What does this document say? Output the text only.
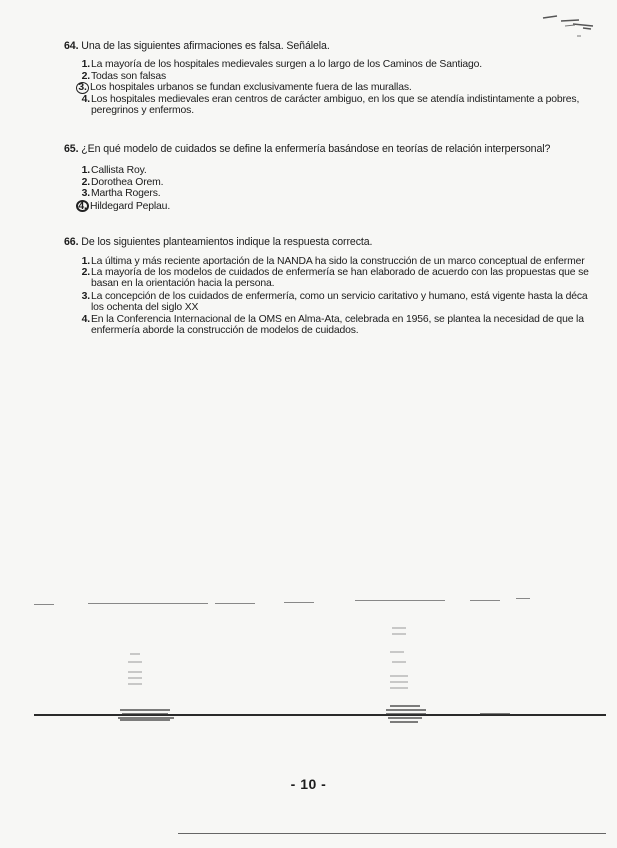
64. Una de las siguientes afirmaciones es falsa. Señálela.
1.La mayoría de los hospitales medievales surgen a lo largo de los Caminos de Santiago.
2.Todas son falsas
3. Los hospitales urbanos se fundan exclusivamente fuera de las murallas.
4.Los hospitales medievales eran centros de carácter ambiguo, en los que se atendía indistintamente a pobres,
peregrinos y enfermos.
65. ¿En qué modelo de cuidados se define la enfermería basándose en teorías de relación interpersonal?
1.Callista Roy.
2.Dorothea Orem.
3.Martha Rogers.
4. Hildegard Peplau.
66. De los siguientes planteamientos indique la respuesta correcta.
1.La última y más reciente aportación de la NANDA ha sido la construcción de un marco conceptual de enfermer
2.La mayoría de los modelos de cuidados de enfermería se han elaborado de acuerdo con las propuestas que se
basan en la orientación hacia la persona.
3.La concepción de los cuidados de enfermería, como un servicio caritativo y humano, está vigente hasta la déca
los ochenta del siglo XX
4.En la Conferencia Internacional de la OMS en Alma-Ata, celebrada en 1956, se plantea la necesidad de que la
enfermería aborde la construcción de modelos de cuidados.
- 10 -
